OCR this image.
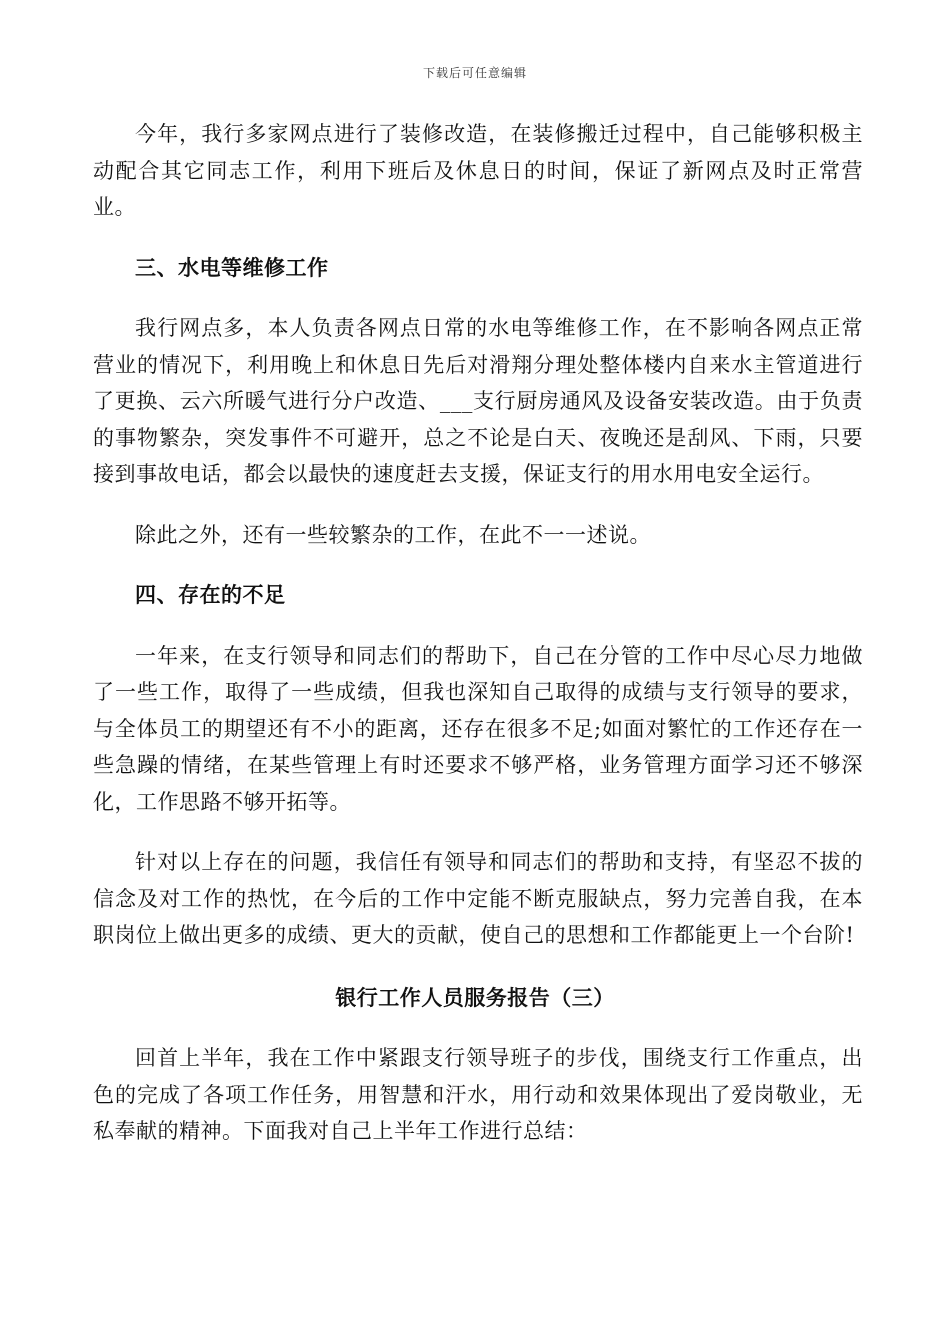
下载后可任意编辑

今年，我行多家网点进行了装修改造，在装修搬迁过程中，自己能够积极主动配合其它同志工作，利用下班后及休息日的时间，保证了新网点及时正常营业。

三、水电等维修工作

我行网点多，本人负责各网点日常的水电等维修工作，在不影响各网点正常营业的情况下，利用晚上和休息日先后对滑翔分理处整体楼内自来水主管道进行了更换、云六所暖气进行分户改造、___支行厨房通风及设备安装改造。由于负责的事物繁杂，突发事件不可避开，总之不论是白天、夜晚还是刮风、下雨，只要接到事故电话，都会以最快的速度赶去支援，保证支行的用水用电安全运行。

除此之外，还有一些较繁杂的工作，在此不一一述说。

四、存在的不足

一年来，在支行领导和同志们的帮助下，自己在分管的工作中尽心尽力地做了一些工作，取得了一些成绩，但我也深知自己取得的成绩与支行领导的要求，与全体员工的期望还有不小的距离，还存在很多不足;如面对繁忙的工作还存在一些急躁的情绪，在某些管理上有时还要求不够严格，业务管理方面学习还不够深化，工作思路不够开拓等。

针对以上存在的问题，我信任有领导和同志们的帮助和支持，有坚忍不拔的信念及对工作的热忱，在今后的工作中定能不断克服缺点，努力完善自我，在本职岗位上做出更多的成绩、更大的贡献，使自己的思想和工作都能更上一个台阶!

银行工作人员服务报告（三）

回首上半年，我在工作中紧跟支行领导班子的步伐，围绕支行工作重点，出色的完成了各项工作任务，用智慧和汗水，用行动和效果体现出了爱岗敬业，无私奉献的精神。下面我对自己上半年工作进行总结：
